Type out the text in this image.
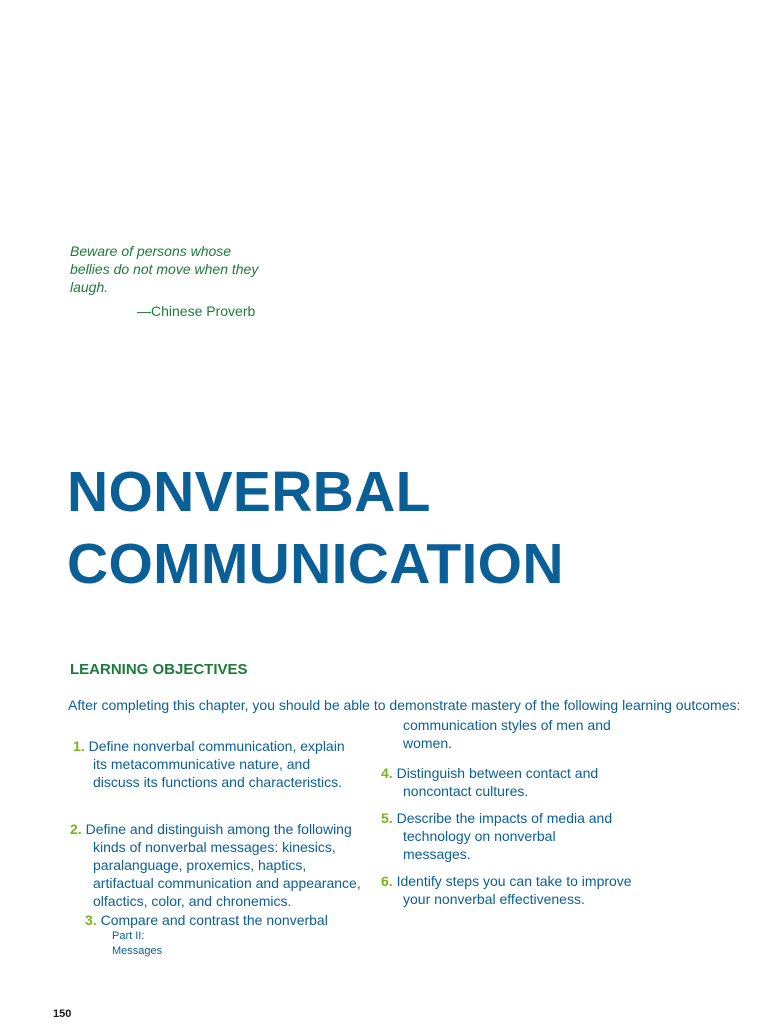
Beware of persons whose
bellies do not move when they
laugh.

—Chinese Proverb

NONVERBAL
COMMUNICATION
LEARNING OBJECTIVES

After completing this chapter, you should be able to demonstrate mastery of the following learning outcomes:

1. Define nonverbal communication, explain
its metacommunicative nature, and
discuss its functions and characteristics.
2. Define and distinguish among the following
kinds of nonverbal messages: kinesics,
paralanguage, proxemics, haptics,
artifactual communication and appearance,
olfactics, color, and chronemics.
3. Compare and contrast the nonverbal
communication styles of men and
women.
4. Distinguish between contact and
noncontact cultures.
5. Describe the impacts of media and
technology on nonverbal
messages.
6. Identify steps you can take to improve
your nonverbal effectiveness.
Part II:
Messages
150
